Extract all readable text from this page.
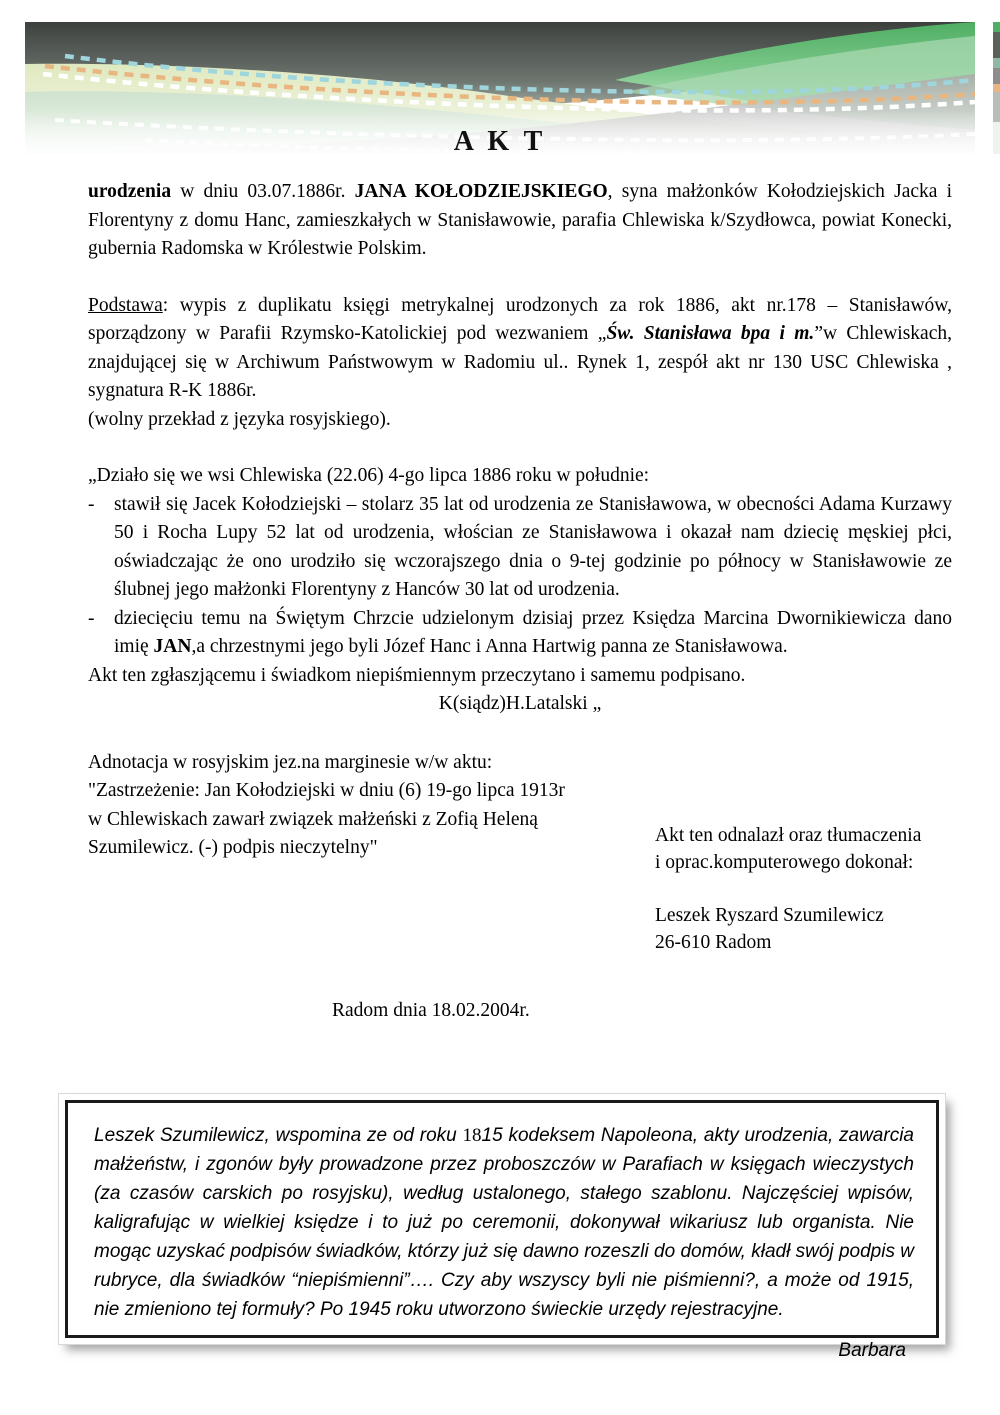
A K T

urodzenia w dniu 03.07.1886r. JANA KOŁODZIEJSKIEGO, syna małżonków Kołodziejskich Jacka i Florentyny z domu Hanc, zamieszkałych w Stanisławowie, parafia Chlewiska k/Szydłowca, powiat Konecki, gubernia Radomska w Królestwie Polskim.

Podstawa: wypis z duplikatu księgi metrykalnej urodzonych za rok 1886, akt nr.178 – Stanisławów, sporządzony w Parafii Rzymsko-Katolickiej pod wezwaniem „Św. Stanisława bpa i m.”w Chlewiskach, znajdującej się w Archiwum Państwowym w Radomiu ul.. Rynek 1, zespół akt nr 130 USC Chlewiska , sygnatura R-K 1886r.

(wolny przekład z języka rosyjskiego).

„Działo się we wsi Chlewiska (22.06) 4-go lipca 1886 roku w południe:

-	stawił się Jacek Kołodziejski – stolarz 35 lat od urodzenia ze Stanisławowa, w obecności Adama Kurzawy 50 i Rocha Lupy 52 lat od urodzenia, włościan ze Stanisławowa i okazał nam dziecię męskiej płci, oświadczając że ono urodziło się wczorajszego dnia o 9-tej godzinie po północy w Stanisławowie ze ślubnej jego małżonki Florentyny z Hanców 30 lat od urodzenia.
-	dziecięciu temu na Świętym Chrzcie udzielonym dzisiaj przez Księdza Marcina Dwornikiewicza dano imię JAN,a chrzestnymi jego byli Józef Hanc i Anna Hartwig panna ze Stanisławowa.

Akt ten zgłaszjącemu i świadkom niepiśmiennym przeczytano i samemu podpisano.

K(siądz)H.Latalski „

Adnotacja w rosyjskim jez.na marginesie w/w aktu:

"Zastrzeżenie: Jan Kołodziejski w dniu (6) 19-go lipca 1913r

w Chlewiskach zawarł związek małżeński z Zofią Heleną

Szumilewicz. (-) podpis nieczytelny"

Akt ten odnalazł oraz tłumaczenia
i oprac.komputerowego dokonał:
Leszek Ryszard Szumilewicz
26-610 Radom
· · · · · · · · · · · · · ·
Radom dnia 18.02.2004r.
Leszek Szumilewicz, wspomina ze od roku 1815 kodeksem Napoleona, akty urodzenia, zawarcia małżeństw, i zgonów były prowadzone przez proboszczów w Parafiach w księgach wieczystych (za czasów carskich po rosyjsku), według ustalonego, stałego szablonu. Najczęściej wpisów, kaligrafując w wielkiej księdze i to już po ceremonii, dokonywał wikariusz lub organista. Nie mogąc uzyskać podpisów świadków, którzy już się dawno rozeszli do domów, kładł swój podpis w rubryce, dla świadków “niepiśmienni”…. Czy aby wszyscy byli nie piśmienni?, a może od 1915, nie zmieniono tej formuły? Po 1945 roku utworzono świeckie urzędy rejestracyjne.
Barbara
